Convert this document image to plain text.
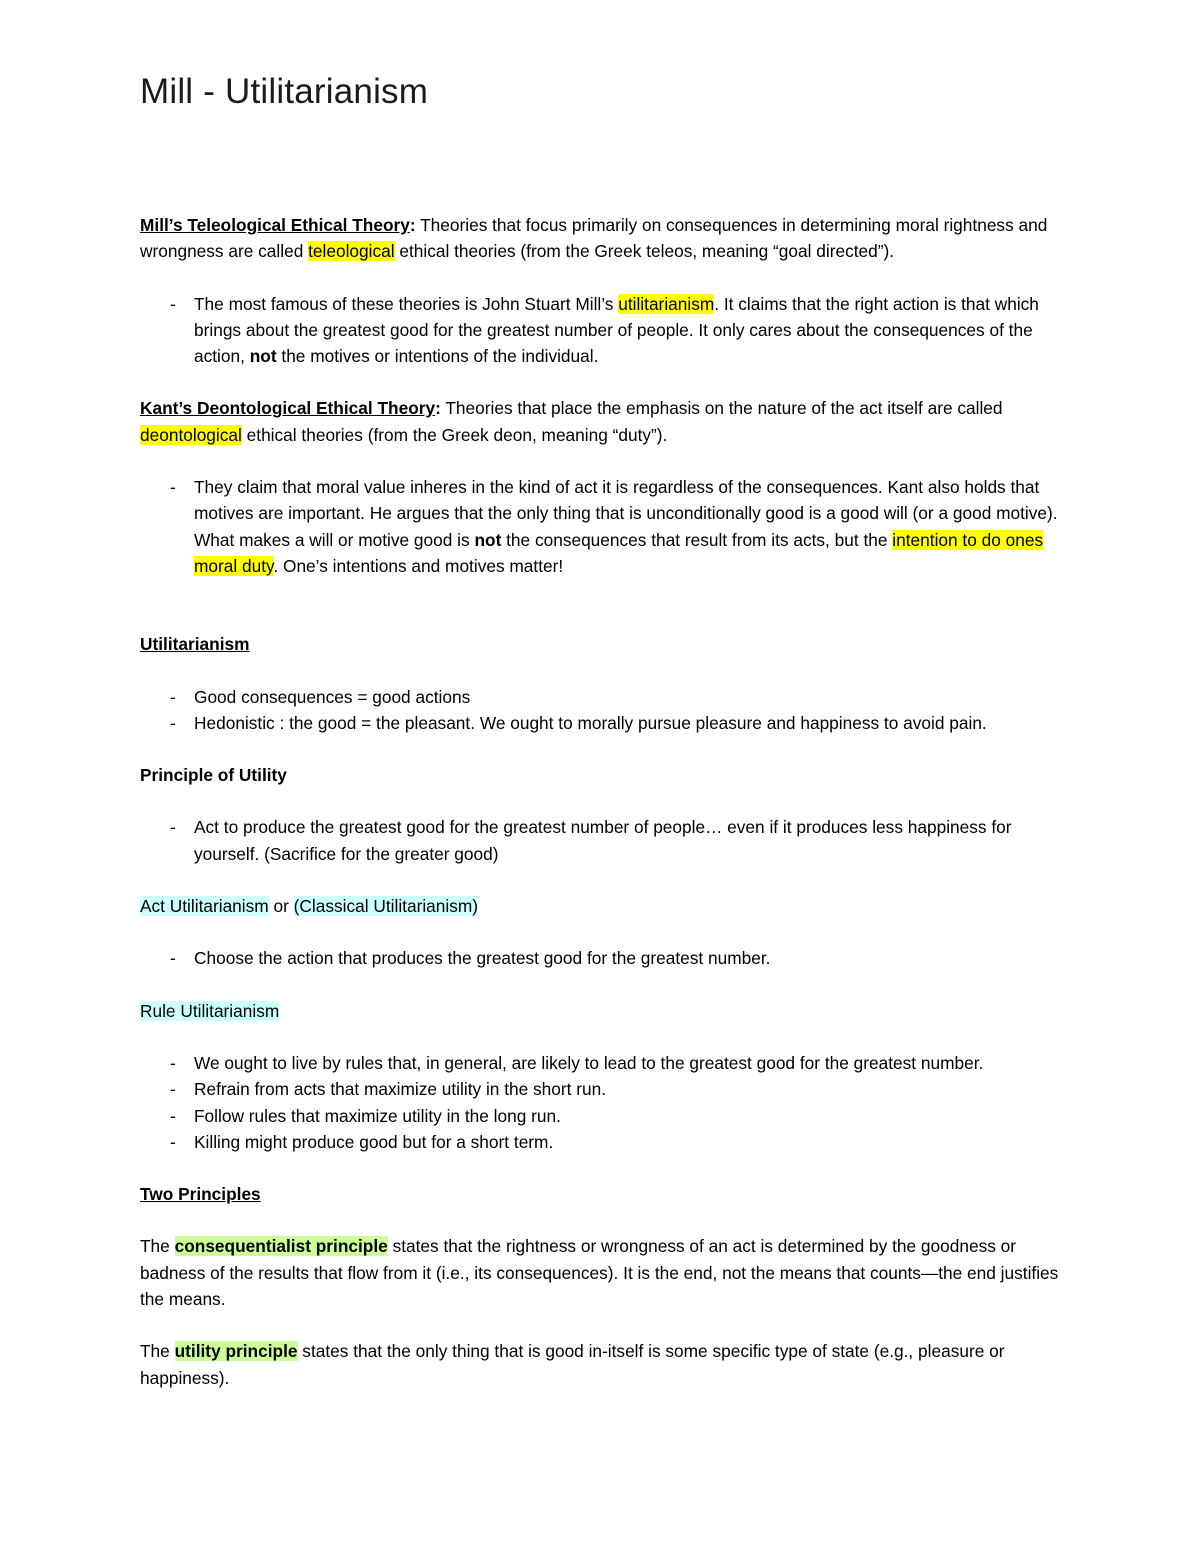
Mill - Utilitarianism

Mill’s Teleological Ethical Theory: Theories that focus primarily on consequences in determining moral rightness and wrongness are called teleological ethical theories (from the Greek teleos, meaning “goal directed”).

- The most famous of these theories is John Stuart Mill’s utilitarianism. It claims that the right action is that which brings about the greatest good for the greatest number of people. It only cares about the consequences of the action, not the motives or intentions of the individual.

Kant’s Deontological Ethical Theory: Theories that place the emphasis on the nature of the act itself are called deontological ethical theories (from the Greek deon, meaning “duty”).

- They claim that moral value inheres in the kind of act it is regardless of the consequences. Kant also holds that motives are important. He argues that the only thing that is unconditionally good is a good will (or a good motive). What makes a will or motive good is not the consequences that result from its acts, but the intention to do ones moral duty. One’s intentions and motives matter!

Utilitarianism

- Good consequences = good actions

- Hedonistic : the good = the pleasant. We ought to morally pursue pleasure and happiness to avoid pain.

Principle of Utility

- Act to produce the greatest good for the greatest number of people… even if it produces less happiness for yourself. (Sacrifice for the greater good)

Act Utilitarianism or (Classical Utilitarianism)

- Choose the action that produces the greatest good for the greatest number.

Rule Utilitarianism

- We ought to live by rules that, in general, are likely to lead to the greatest good for the greatest number.

- Refrain from acts that maximize utility in the short run.

- Follow rules that maximize utility in the long run.

- Killing might produce good but for a short term.

Two Principles

The consequentialist principle states that the rightness or wrongness of an act is determined by the goodness or badness of the results that flow from it (i.e., its consequences). It is the end, not the means that counts—the end justifies the means.

The utility principle states that the only thing that is good in-itself is some specific type of state (e.g., pleasure or happiness).
